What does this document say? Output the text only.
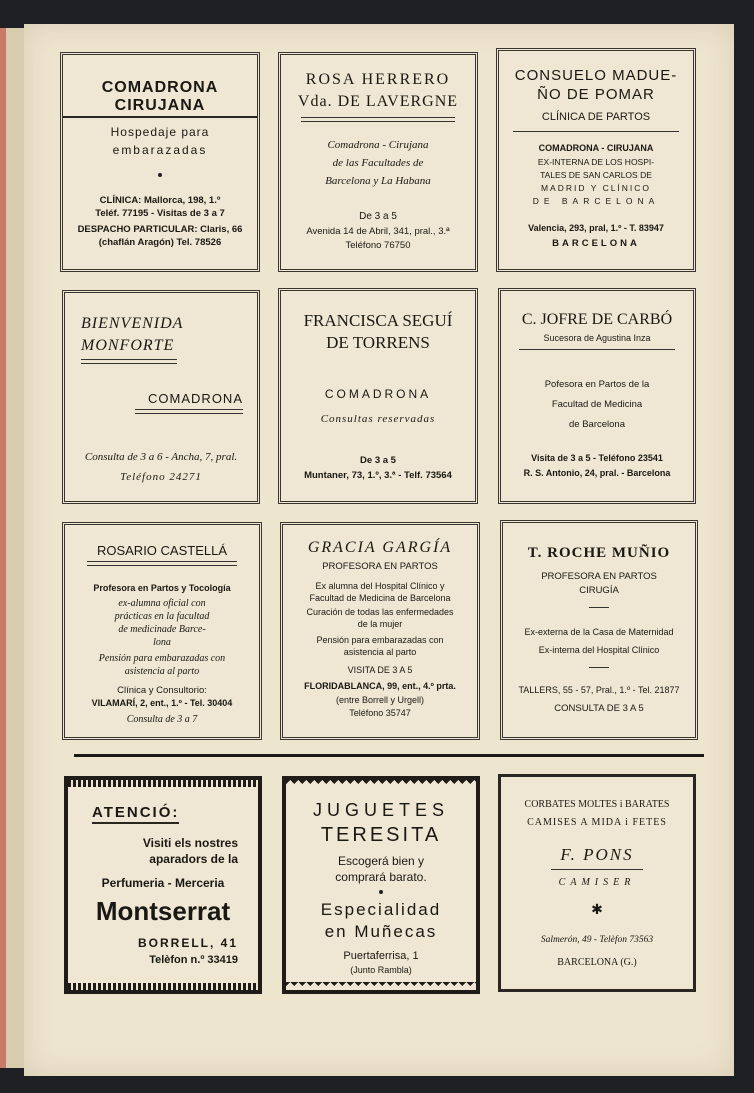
COMADRONA CIRUJANA
Hospedaje para
embarazadas
CLÍNICA: Mallorca, 198, 1.º
Teléf. 77195 - Visitas de 3 a 7
DESPACHO PARTICULAR: Claris, 66
(chaflán Aragón) Tel. 78526
ROSA HERRERO
Vda. DE LAVERGNE
Comadrona - Cirujana
de las Facultades de
Barcelona y La Habana
De 3 a 5
Avenida 14 de Abril, 341, pral., 3.ª
Teléfono 76750
CONSUELO MADUE-
ÑO DE POMAR
CLÍNICA DE PARTOS
COMADRONA - CIRUJANA
EX-INTERNA DE LOS HOSPI-
TALES DE SAN CARLOS DE
MADRID Y CLÍNICO
DE BARCELONA
Valencia, 293, pral, 1.º - T. 83947
BARCELONA
BIENVENIDA
MONFORTE
COMADRONA
Consulta de 3 a 6 - Ancha, 7, pral.
Teléfono 24271
FRANCISCA SEGUÍ
DE TORRENS
COMADRONA
Consultas reservadas
De 3 a 5
Muntaner, 73, 1.º, 3.ª - Telf. 73564
C. JOFRE DE CARBÓ
Sucesora de Agustina Inza
Pofesora en Partos de la
Facultad de Medicina
de Barcelona
Visita de 3 a 5 - Teléfono 23541
R. S. Antonio, 24, pral. - Barcelona
ROSARIO CASTELLÁ
Profesora en Partos y Tocología
ex-alumna oficial con
prácticas en la facultad
de medicinade Barce-
lona
Pensión para embarazadas con
asistencia al parto
Clínica y Consultorio:
VILAMARÍ, 2, ent., 1.º - Tel. 30404
Consulta de 3 a 7
GRACIA GARGÍA
PROFESORA EN PARTOS
Ex alumna del Hospital Clínico y
Facultad de Medicina de Barcelona
Curación de todas las enfermedades
de la mujer
Pensión para embarazadas con
asistencia al parto
VISITA DE 3 A 5
FLORIDABLANCA, 99, ent., 4.º prta.
(entre Borrell y Urgell)
Teléfono 35747
T. ROCHE MUÑIO
PROFESORA EN PARTOS
CIRUGÍA
Ex-externa de la Casa de Maternidad
Ex-interna del Hospital Clínico
TALLERS, 55 - 57, Pral., 1.º - Tel. 21877
CONSULTA DE 3 A 5
ATENCIÓ:
Visiti els nostres
aparadors de la
Perfumeria - Merceria
Montserrat
BORRELL, 41
Telèfon n.º 33419
JUGUETES
TERESITA
Escogerá bien y
comprará barato.
Especialidad
en Muñecas
Puertaferrisa, 1
(Junto Rambla)
CORBATES MOLTES i BARATES
CAMISES A MIDA i FETES
F. PONS
CAMISER
✱
Salmerón, 49 - Telèfon 73563
BARCELONA (G.)
